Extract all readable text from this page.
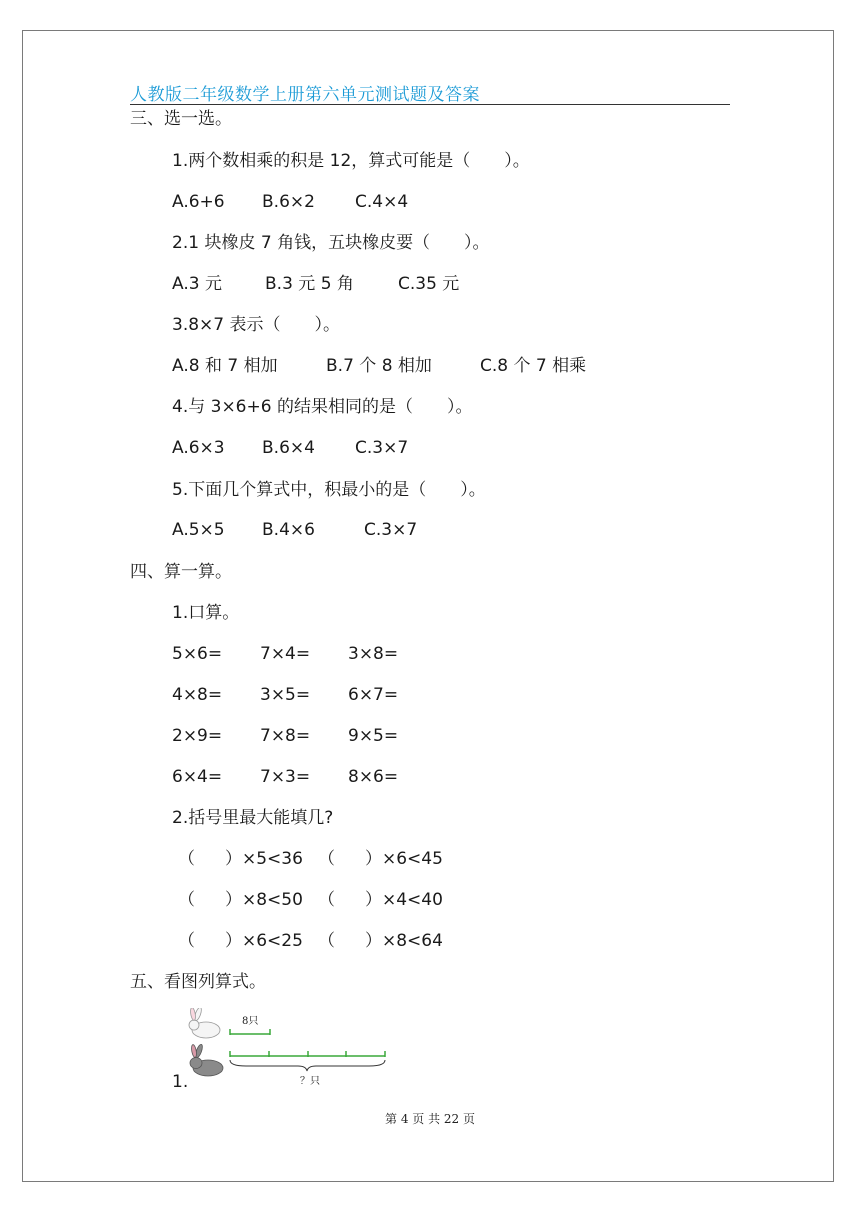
人教版二年级数学上册第六单元测试题及答案
三、选一选。
1.两个数相乘的积是 12，算式可能是（　　）。
A.6+6 B.6×2 C.4×4
2.1 块橡皮 7 角钱，五块橡皮要（　　）。
A.3 元	B.3 元 5 角	C.35 元
3.8×7 表示（　　）。
A.8 和 7 相加	B.7 个 8 相加	C.8 个 7 相乘
4.与 3×6+6 的结果相同的是（　　）。
A.6×3 B.6×4 C.3×7
5.下面几个算式中，积最小的是（　　）。
A.5×5 B.4×6	C.3×7
四、算一算。
1.口算。
5×6= 7×4= 3×8=
4×8= 3×5= 6×7=
2×9= 7×8= 9×5=
6×4= 7×3= 8×6=
2.括号里最大能填几?
（ ）×5<36 （ ）×6<45
（ ）×8<50 （ ）×4<40
（ ）×6<25 （ ）×8<64
五、看图列算式。
1.
8只
？只
第 4 页 共 22 页
